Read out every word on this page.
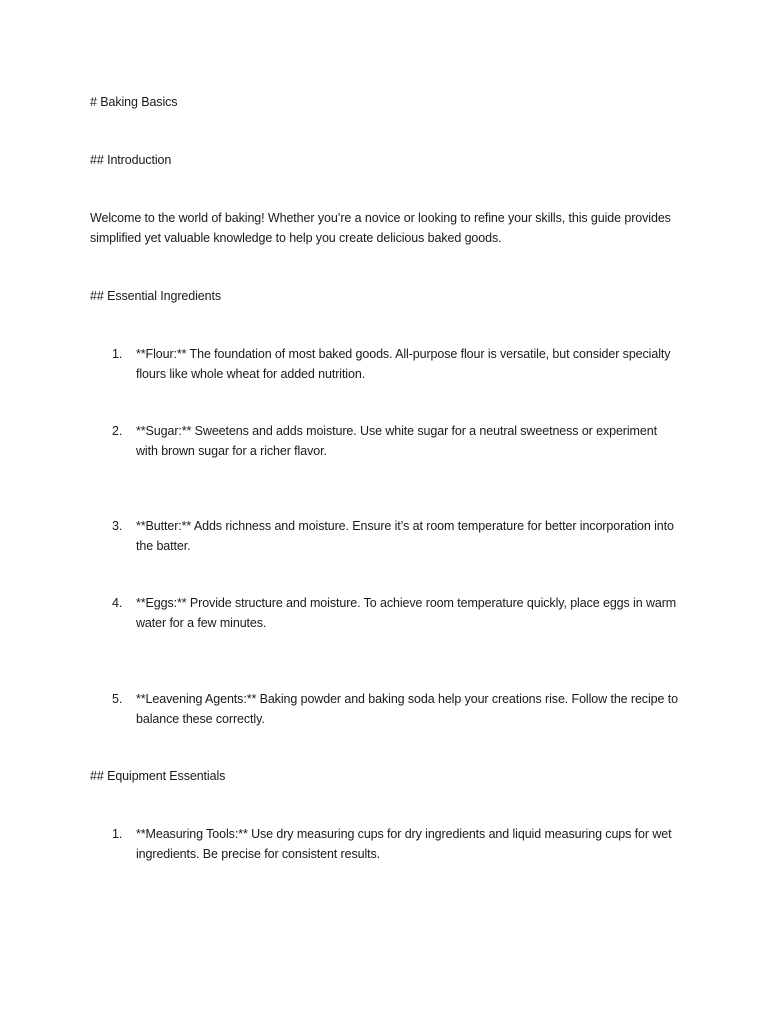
# Baking Basics
## Introduction
Welcome to the world of baking! Whether you’re a novice or looking to refine your skills, this guide provides simplified yet valuable knowledge to help you create delicious baked goods.
## Essential Ingredients
1.	**Flour:** The foundation of most baked goods. All-purpose flour is versatile, but consider specialty flours like whole wheat for added nutrition.
2.	**Sugar:** Sweetens and adds moisture. Use white sugar for a neutral sweetness or experiment with brown sugar for a richer flavor.
3.	**Butter:** Adds richness and moisture. Ensure it’s at room temperature for better incorporation into the batter.
4.	**Eggs:** Provide structure and moisture. To achieve room temperature quickly, place eggs in warm water for a few minutes.
5.	**Leavening Agents:** Baking powder and baking soda help your creations rise. Follow the recipe to balance these correctly.
## Equipment Essentials
1.	**Measuring Tools:** Use dry measuring cups for dry ingredients and liquid measuring cups for wet ingredients. Be precise for consistent results.
